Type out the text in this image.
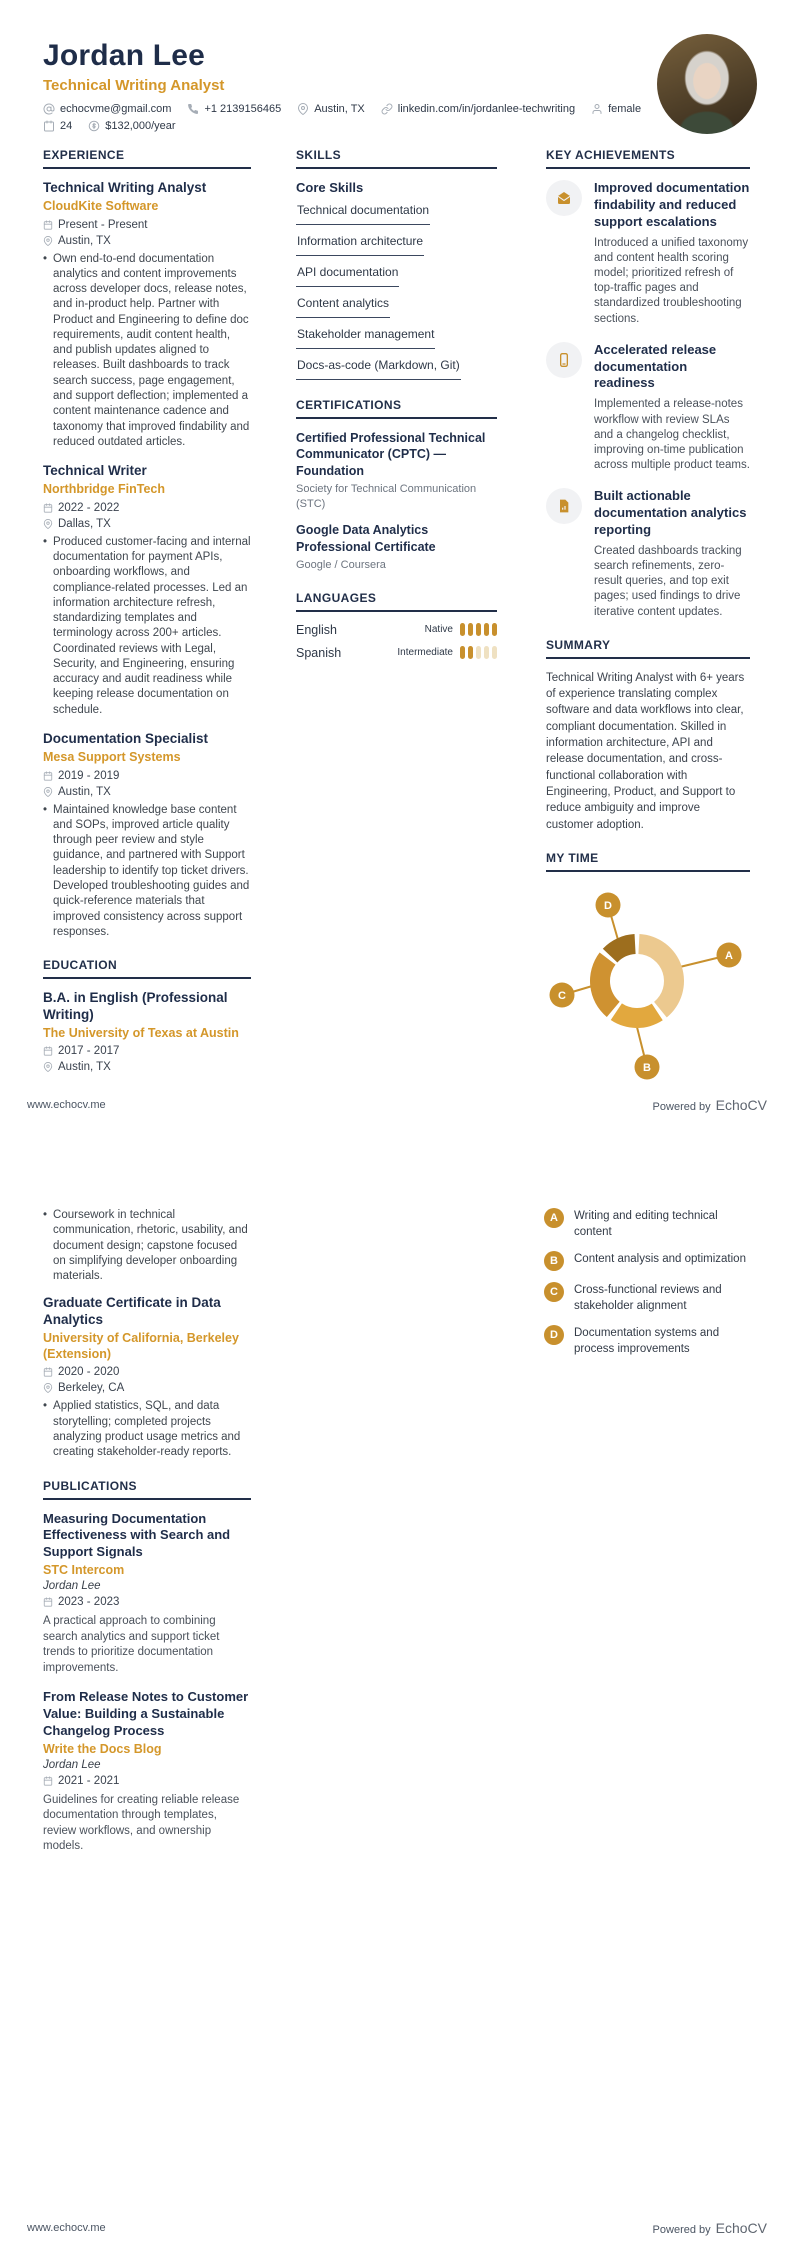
Jordan Lee
Technical Writing Analyst
echocvme@gmail.com	+1 2139156465	Austin, TX	linkedin.com/in/jordanlee-techwriting	female
24	$132,000/year
EXPERIENCE
Technical Writing Analyst
CloudKite Software
Present - Present
Austin, TX
• Own end-to-end documentation analytics and content improvements across developer docs, release notes, and in-product help. Partner with Product and Engineering to define doc requirements, audit content health, and publish updates aligned to releases. Built dashboards to track search success, page engagement, and support deflection; implemented a content maintenance cadence and taxonomy that improved findability and reduced outdated articles.
Technical Writer
Northbridge FinTech
2022 - 2022
Dallas, TX
• Produced customer-facing and internal documentation for payment APIs, onboarding workflows, and compliance-related processes. Led an information architecture refresh, standardizing templates and terminology across 200+ articles. Coordinated reviews with Legal, Security, and Engineering, ensuring accuracy and audit readiness while keeping release documentation on schedule.
Documentation Specialist
Mesa Support Systems
2019 - 2019
Austin, TX
• Maintained knowledge base content and SOPs, improved article quality through peer review and style guidance, and partnered with Support leadership to identify top ticket drivers. Developed troubleshooting guides and quick-reference materials that improved consistency across support responses.
EDUCATION
B.A. in English (Professional Writing)
The University of Texas at Austin
2017 - 2017
Austin, TX
SKILLS
Core Skills
Technical documentation
Information architecture
API documentation
Content analytics
Stakeholder management
Docs-as-code (Markdown, Git)
CERTIFICATIONS
Certified Professional Technical Communicator (CPTC) — Foundation
Society for Technical Communication (STC)
Google Data Analytics Professional Certificate
Google / Coursera
LANGUAGES
English	Native
Spanish	Intermediate
KEY ACHIEVEMENTS
Improved documentation findability and reduced support escalations
Introduced a unified taxonomy and content health scoring model; prioritized refresh of top-traffic pages and standardized troubleshooting sections.
Accelerated release documentation readiness
Implemented a release-notes workflow with review SLAs and a changelog checklist, improving on-time publication across multiple product teams.
Built actionable documentation analytics reporting
Created dashboards tracking search refinements, zero-result queries, and top exit pages; used findings to drive iterative content updates.
SUMMARY
Technical Writing Analyst with 6+ years of experience translating complex software and data workflows into clear, compliant documentation. Skilled in information architecture, API and release documentation, and cross-functional collaboration with Engineering, Product, and Support to reduce ambiguity and improve customer adoption.
MY TIME
A
B
C
D
www.echocv.me	Powered by EchoCV
• Coursework in technical communication, rhetoric, usability, and document design; capstone focused on simplifying developer onboarding materials.
Graduate Certificate in Data Analytics
University of California, Berkeley (Extension)
2020 - 2020
Berkeley, CA
• Applied statistics, SQL, and data storytelling; completed projects analyzing product usage metrics and creating stakeholder-ready reports.
PUBLICATIONS
Measuring Documentation Effectiveness with Search and Support Signals
STC Intercom
Jordan Lee
2023 - 2023
A practical approach to combining search analytics and support ticket trends to prioritize documentation improvements.
From Release Notes to Customer Value: Building a Sustainable Changelog Process
Write the Docs Blog
Jordan Lee
2021 - 2021
Guidelines for creating reliable release documentation through templates, review workflows, and ownership models.
A	Writing and editing technical content
B	Content analysis and optimization
C	Cross-functional reviews and stakeholder alignment
D	Documentation systems and process improvements
www.echocv.me	Powered by EchoCV
